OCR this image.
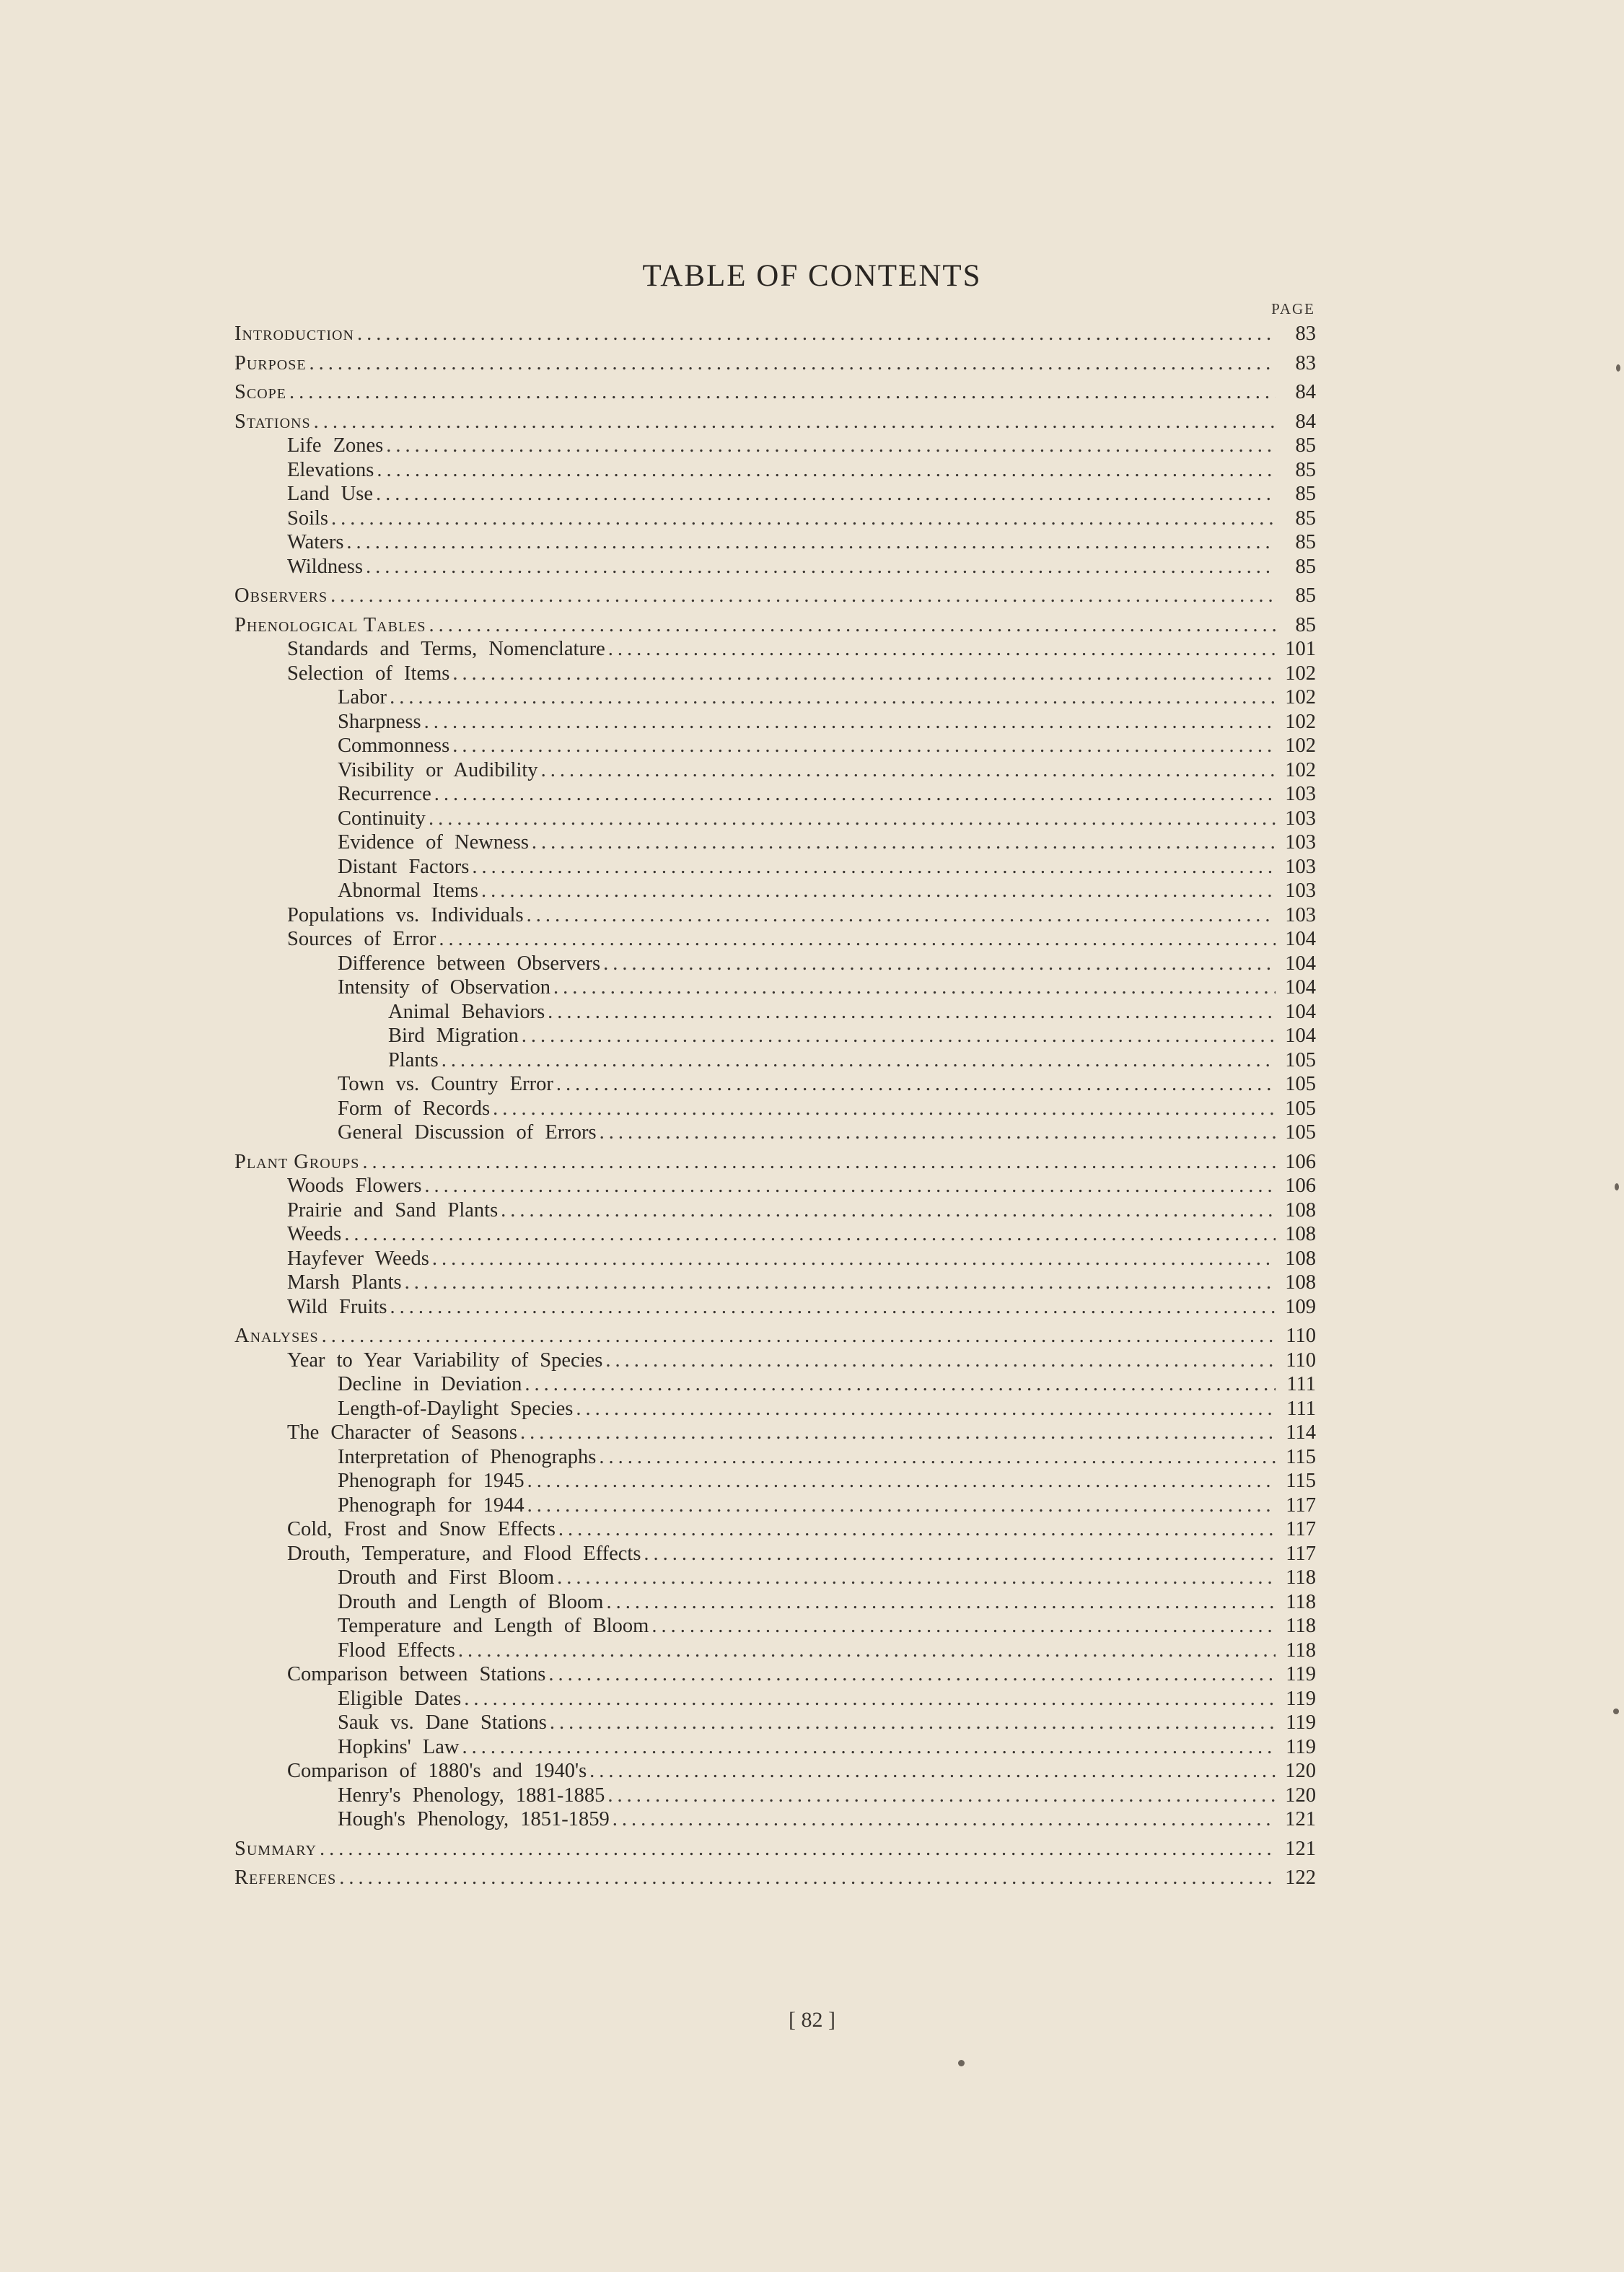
TABLE OF CONTENTS
PAGE
Introduction .....	83
Purpose .....	83
Scope .....	84
Stations .....	84
Life Zones .....	85
Elevations .....	85
Land Use .....	85
Soils .....	85
Waters .....	85
Wildness .....	85
Observers .....	85
Phenological Tables .....	85
Standards and Terms, Nomenclature .....	101
Selection of Items .....	102
Labor .....	102
Sharpness .....	102
Commonness .....	102
Visibility or Audibility .....	102
Recurrence .....	103
Continuity .....	103
Evidence of Newness .....	103
Distant Factors .....	103
Abnormal Items .....	103
Populations vs. Individuals .....	103
Sources of Error .....	104
Difference between Observers .....	104
Intensity of Observation .....	104
Animal Behaviors .....	104
Bird Migration .....	104
Plants .....	105
Town vs. Country Error .....	105
Form of Records .....	105
General Discussion of Errors .....	105
Plant Groups .....	106
Woods Flowers .....	106
Prairie and Sand Plants .....	108
Weeds .....	108
Hayfever Weeds .....	108
Marsh Plants .....	108
Wild Fruits .....	109
Analyses .....	110
Year to Year Variability of Species .....	110
Decline in Deviation .....	111
Length-of-Daylight Species .....	111
The Character of Seasons .....	114
Interpretation of Phenographs .....	115
Phenograph for 1945 .....	115
Phenograph for 1944 .....	117
Cold, Frost and Snow Effects .....	117
Drouth, Temperature, and Flood Effects .....	117
Drouth and First Bloom .....	118
Drouth and Length of Bloom .....	118
Temperature and Length of Bloom .....	118
Flood Effects .....	118
Comparison between Stations .....	119
Eligible Dates .....	119
Sauk vs. Dane Stations .....	119
Hopkins' Law .....	119
Comparison of 1880's and 1940's .....	120
Henry's Phenology, 1881-1885 .....	120
Hough's Phenology, 1851-1859 .....	121
Summary .....	121
References .....	122
[ 82 ]
